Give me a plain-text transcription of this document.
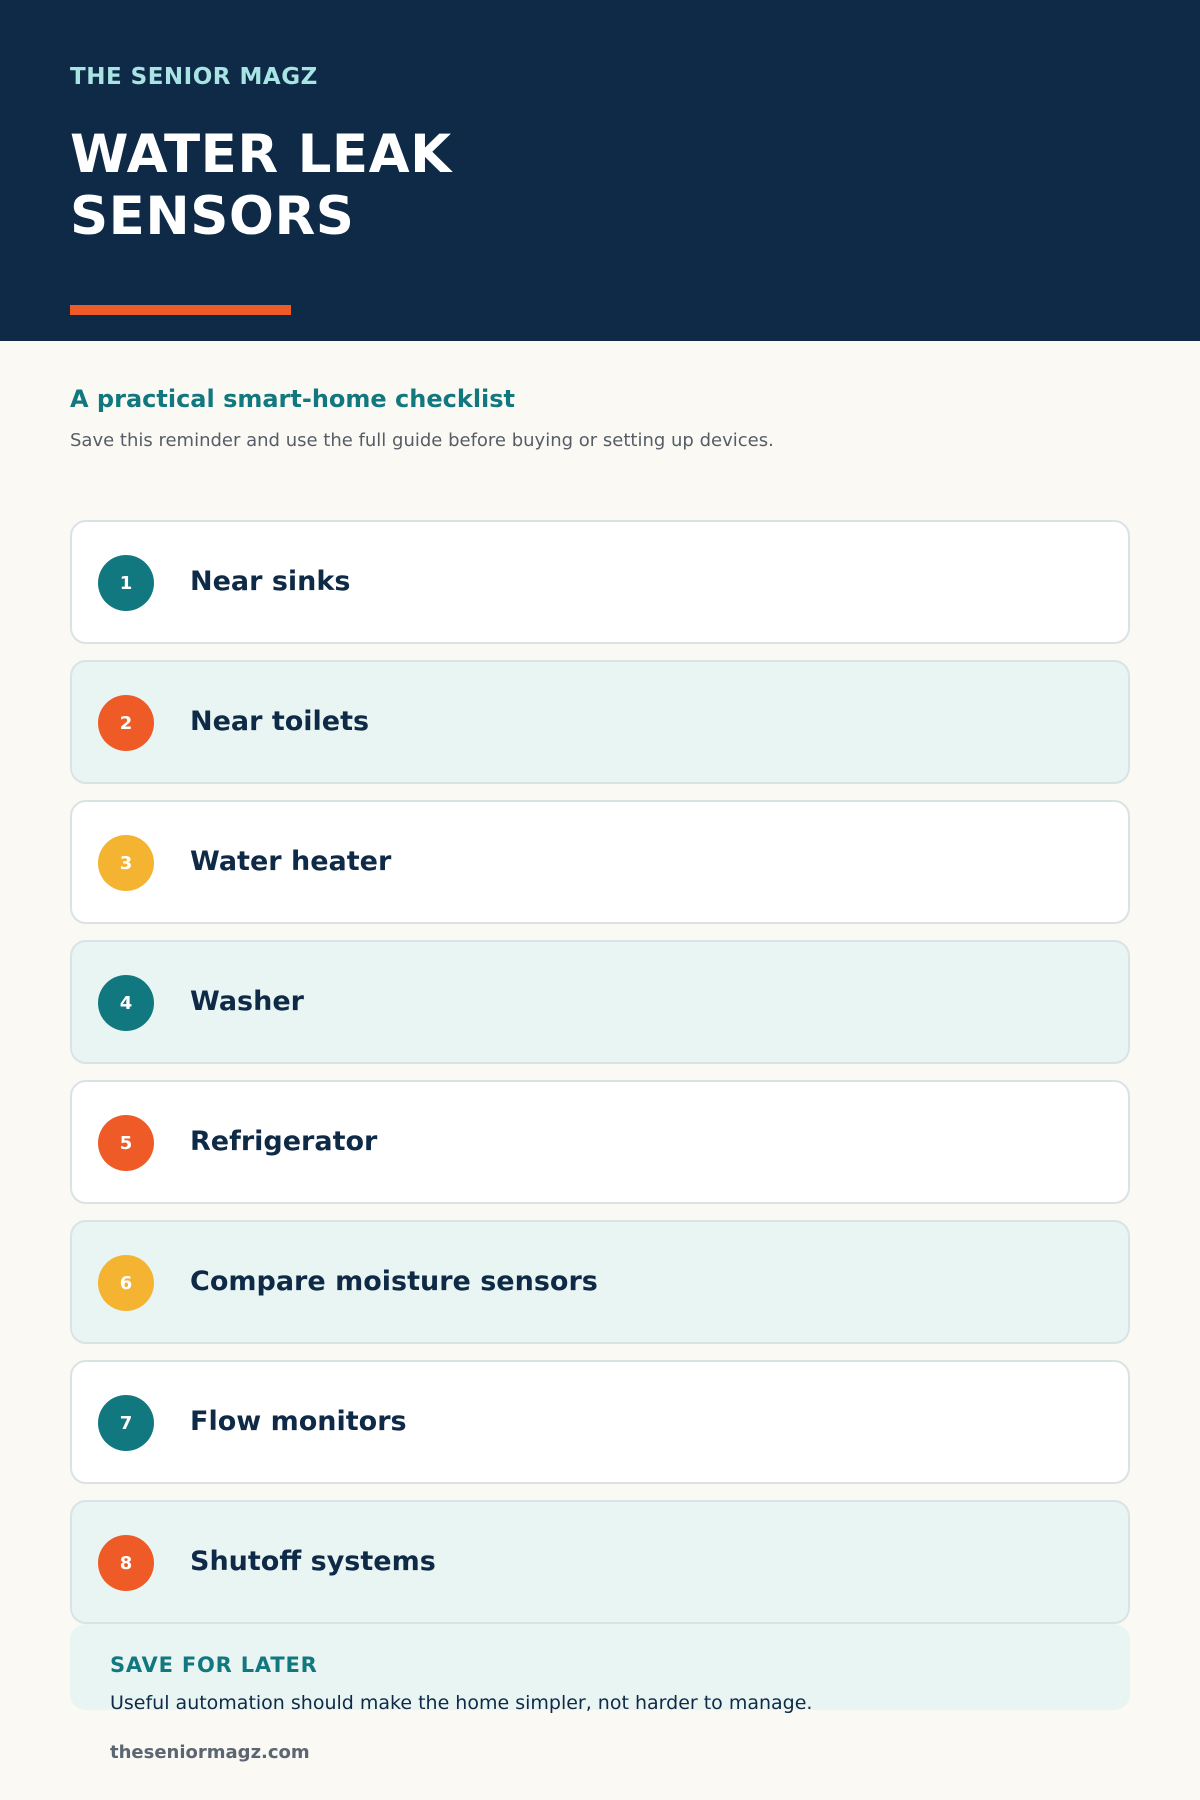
THE SENIOR MAGZ
WATER LEAK
SENSORS
A practical smart-home checklist
Save this reminder and use the full guide before buying or setting up devices.
1	Near sinks
2	Near toilets
3	Water heater
4	Washer
5	Refrigerator
6	Compare moisture sensors
7	Flow monitors
8	Shutoff systems
SAVE FOR LATER
Useful automation should make the home simpler, not harder to manage.
theseniormagz.com
